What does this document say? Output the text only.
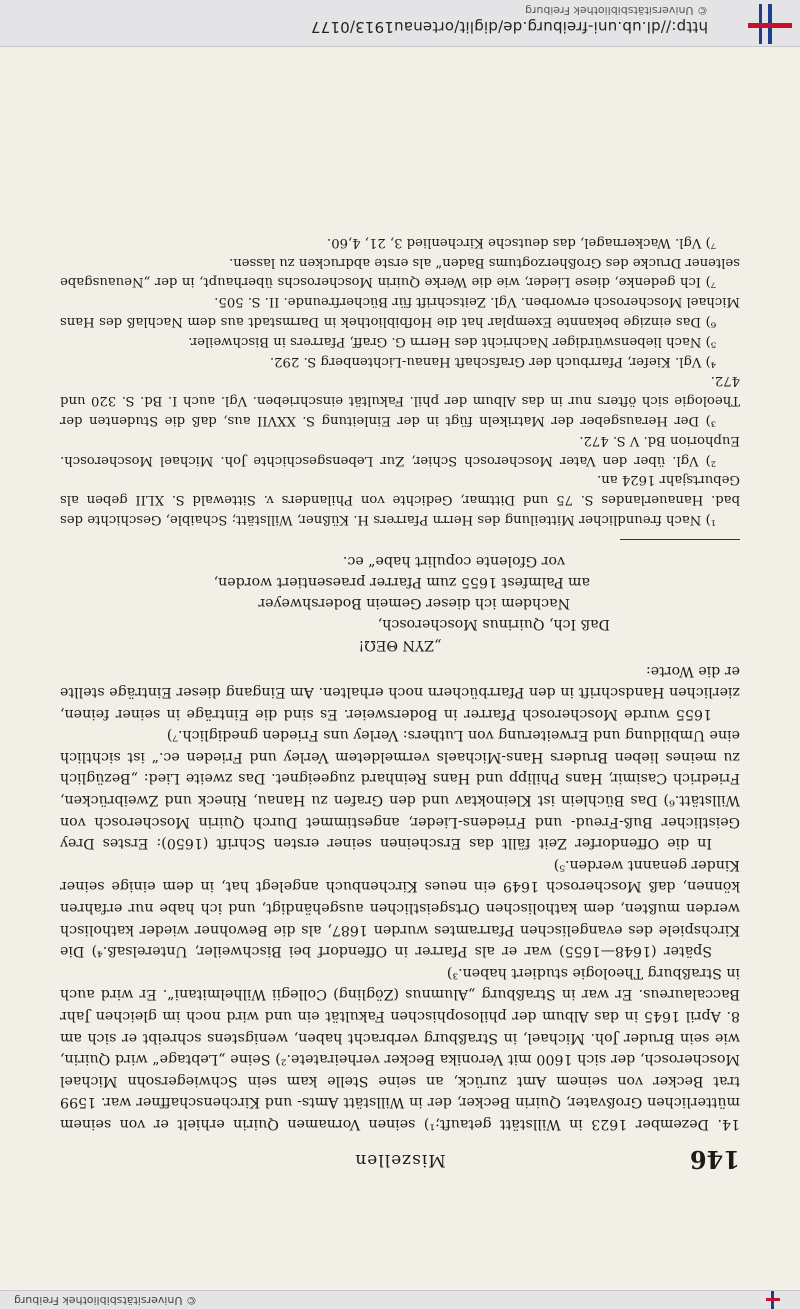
© Universitätsbibliothek Freiburg
146
Miszellen

14. Dezember 1623 in Willstätt getauft;¹) seinen Vornamen Quirin erhielt er von seinem mütterlichen Großvater, Quirin Becker, der in Willstätt Amts- und Kirchenschaffner war. 1599 trat Becker von seinem Amt zurück, an seine Stelle kam sein Schwiegersohn Michael Moscherosch, der sich 1600 mit Veronika Becker verheiratete.²) Seine „Lebtage“ wird Quirin, wie sein Bruder Joh. Michael, in Straßburg verbracht haben, wenigstens schreibt er sich am 8. April 1645 in das Album der philosophischen Fakultät ein und wird noch im gleichen Jahr Baccalaureus. Er war in Straßburg „Alumnus (Zögling) Collegii Wilhelmitani“. Er wird auch in Straßburg Theologie studiert haben.³)

Später (1648—1655) war er als Pfarrer in Offendorf bei Bischweiler, Unterelsaß.⁴) Die Kirchspiele des evangelischen Pfarramtes wurden 1687, als die Bewohner wieder katholisch werden mußten, dem katholischen Ortsgeistlichen ausgehändigt, und ich habe nur erfahren können, daß Moscherosch 1649 ein neues Kirchenbuch angelegt hat, in dem einige seiner Kinder genannt werden.⁵)

In die Offendorfer Zeit fällt das Erscheinen seiner ersten Schrift (1650): Erstes Drey Geistlicher Buß-Freud- und Friedens-Lieder, angestimmet Durch Quirin Moscherosch von Willstätt.⁶) Das Büchlein ist Kleinoktav und den Grafen zu Hanau, Rineck und Zweibrücken, Friedrich Casimir, Hans Philipp und Hans Reinhard zugeeignet. Das zweite Lied: „Bezüglich zu meines lieben Bruders Hans-Michaels vermeldetem Verley und Frieden ec.“ ist sichtlich eine Umbildung und Erweiterung von Luthers: Verley uns Frieden gnediglich.⁷)

1655 wurde Moscherosch Pfarrer in Bodersweier. Es sind die Einträge in seiner feinen, zierlichen Handschrift in den Pfarrbüchern noch erhalten. Am Eingang dieser Einträge stellte er die Worte:

„ZYN ΘEΩ!
Daß Ich, Quirinus Moscherosch,
Nachdem ich dieser Gemein Bodershweyer
am Palmfest 1655 zum Pfarrer praesentiert worden,
vor Gfolente copulirt habe“ ec.

¹) Nach freundlicher Mitteilung des Herrn Pfarrers H. Küßner, Willstätt; Schaible, Geschichte des bad. Hanauerlandes S. 75 und Dittmar, Gedichte von Philanders v. Sittewald S. XLII geben als Geburtsjahr 1624 an.

²) Vgl. über den Vater Moscherosch Schier, Zur Lebensgeschichte Joh. Michael Moscherosch. Euphorion Bd. V S. 472.

³) Der Herausgeber der Matrikeln fügt in der Einleitung S. XXVII aus, daß die Studenten der Theologie sich öfters nur in das Album der phil. Fakultät einschrieben. Vgl. auch I. Bd. S. 320 und 472.

⁴) Vgl. Kiefer, Pfarrbuch der Grafschaft Hanau-Lichtenberg S. 292.

⁵) Nach liebenswürdiger Nachricht des Herrn G. Graff, Pfarrers in Bischweiler.

⁶) Das einzige bekannte Exemplar hat die Hofbibliothek in Darmstadt aus dem Nachlaß des Hans Michael Moscherosch erworben. Vgl. Zeitschrift für Bücherfreunde. II. S. 505.

⁷) Ich gedenke, diese Lieder, wie die Werke Quirin Moscheroschs überhaupt, in der „Neuausgabe seltener Drucke des Großherzogtums Baden“ als erste abdrucken zu lassen.

⁷) Vgl. Wackernagel, das deutsche Kirchenlied 3, 21, 4,60.

http://dl.ub.uni-freiburg.de/diglit/ortenau1913/0177
© Universitätsbibliothek Freiburg
